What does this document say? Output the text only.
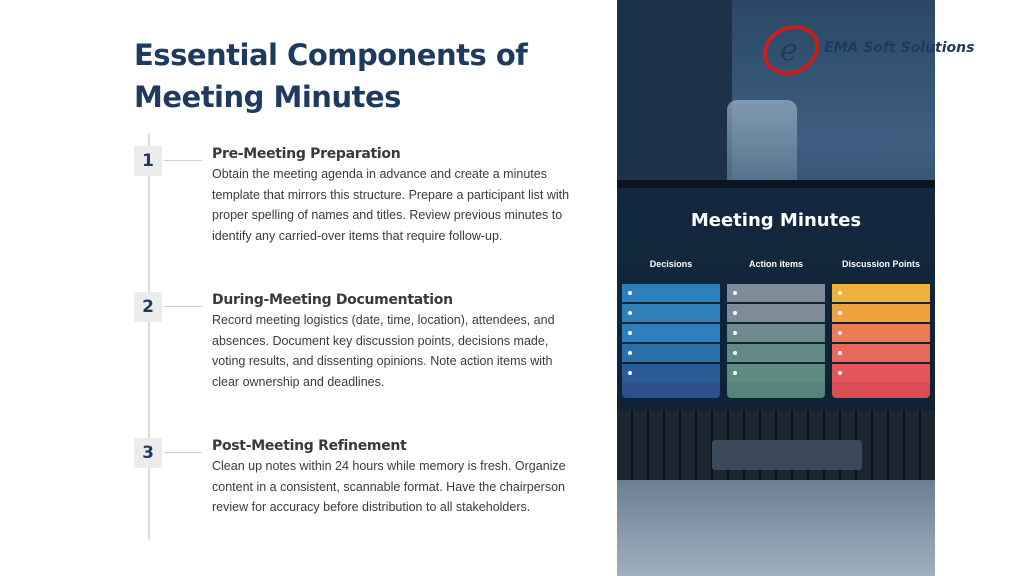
Essential Components of Meeting Minutes
1	Pre-Meeting Preparation
Obtain the meeting agenda in advance and create a minutes template that mirrors this structure. Prepare a participant list with proper spelling of names and titles. Review previous minutes to identify any carried-over items that require follow-up.
2	During-Meeting Documentation
Record meeting logistics (date, time, location), attendees, and absences. Document key discussion points, decisions made, voting results, and dissenting opinions. Note action items with clear ownership and deadlines.
3	Post-Meeting Refinement
Clean up notes within 24 hours while memory is fresh. Organize content in a consistent, scannable format. Have the chairperson review for accuracy before distribution to all stakeholders.
Meeting Minutes
Decisions	Action items	Discussion Points
e EMA Soft Solutions
